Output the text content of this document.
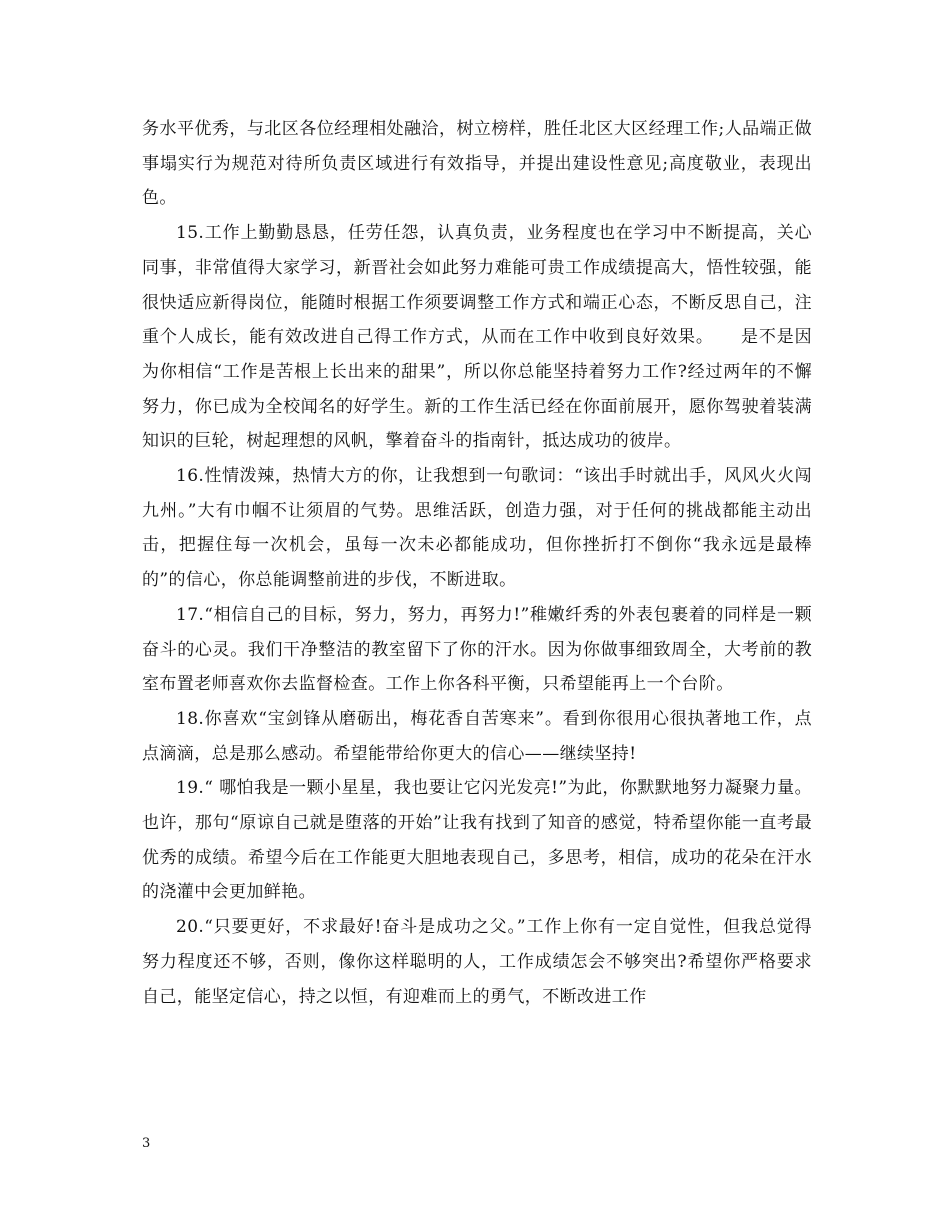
务水平优秀，与北区各位经理相处融洽，树立榜样，胜任北区大区经理工作;人品端正做事塌实行为规范对待所负责区域进行有效指导，并提出建设性意见;高度敬业，表现出色。

15.工作上勤勤恳恳，任劳任怨，认真负责，业务程度也在学习中不断提高，关心同事，非常值得大家学习，新晋社会如此努力难能可贵工作成绩提高大，悟性较强，能很快适应新得岗位，能随时根据工作须要调整工作方式和端正心态，不断反思自己，注重个人成长，能有效改进自己得工作方式，从而在工作中收到良好效果。　　是不是因为你相信“工作是苦根上长出来的甜果”，所以你总能坚持着努力工作?经过两年的不懈努力，你已成为全校闻名的好学生。新的工作生活已经在你面前展开，愿你驾驶着装满知识的巨轮，树起理想的风帆，擎着奋斗的指南针，抵达成功的彼岸。

16.性情泼辣，热情大方的你，让我想到一句歌词：“该出手时就出手，风风火火闯九州。”大有巾帼不让须眉的气势。思维活跃，创造力强，对于任何的挑战都能主动出击，把握住每一次机会，虽每一次未必都能成功，但你挫折打不倒你“我永远是最棒的”的信心，你总能调整前进的步伐，不断进取。

17.“相信自己的目标，努力，努力，再努力!”稚嫩纤秀的外表包裹着的同样是一颗奋斗的心灵。我们干净整洁的教室留下了你的汗水。因为你做事细致周全，大考前的教室布置老师喜欢你去监督检查。工作上你各科平衡，只希望能再上一个台阶。

18.你喜欢“宝剑锋从磨砺出，梅花香自苦寒来”。看到你很用心很执著地工作，点点滴滴，总是那么感动。希望能带给你更大的信心——继续坚持!

19.“ 哪怕我是一颗小星星，我也要让它闪光发亮!”为此，你默默地努力凝聚力量。也许，那句“原谅自己就是堕落的开始”让我有找到了知音的感觉，特希望你能一直考最优秀的成绩。希望今后在工作能更大胆地表现自己，多思考，相信，成功的花朵在汗水的浇灌中会更加鲜艳。

20.“只要更好，不求最好!奋斗是成功之父。”工作上你有一定自觉性，但我总觉得努力程度还不够，否则，像你这样聪明的人，工作成绩怎会不够突出?希望你严格要求自己，能坚定信心，持之以恒，有迎难而上的勇气，不断改进工作

3
